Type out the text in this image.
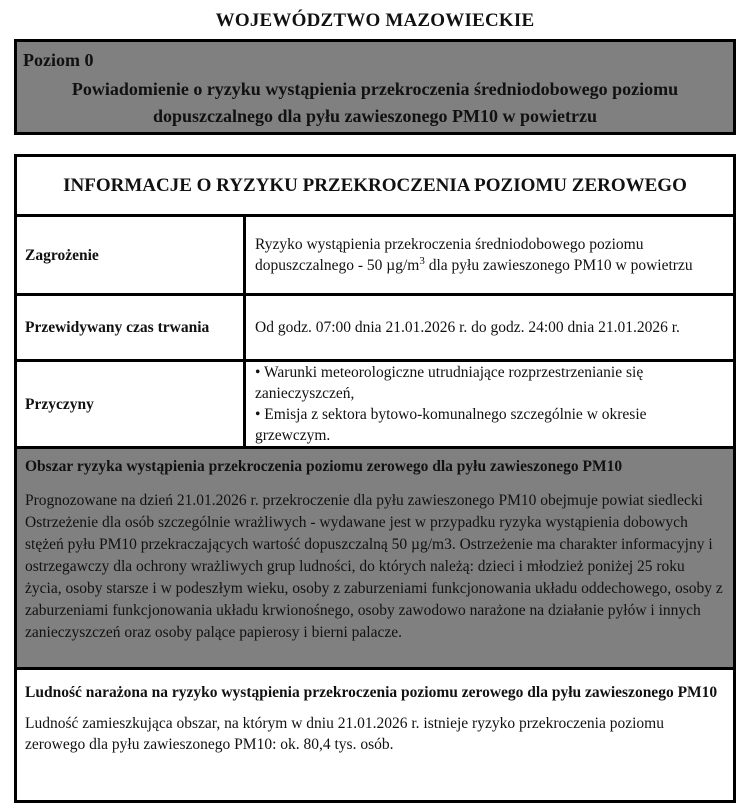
WOJEWÓDZTWO MAZOWIECKIE
Poziom 0
Powiadomienie o ryzyku wystąpienia przekroczenia średniodobowego poziomu dopuszczalnego dla pyłu zawieszonego PM10 w powietrzu
INFORMACJE O RYZYKU PRZEKROCZENIA POZIOMU ZEROWEGO
Zagrożenie
Ryzyko wystąpienia przekroczenia średniodobowego poziomu dopuszczalnego - 50 $\mu g/m^3$ dla pyłu zawieszonego PM10 w powietrzu
Przewidywany czas trwania	Od godz. 07:00 dnia 21.01.2026 r. do godz. 24:00 dnia 21.01.2026 r.
Przyczyny
• Warunki meteorologiczne utrudniające rozprzestrzenianie się zanieczyszczeń,
• Emisja z sektora bytowo-komunalnego szczególnie w okresie grzewczym.
Obszar ryzyka wystąpienia przekroczenia poziomu zerowego dla pyłu zawieszonego PM10
Prognozowane na dzień 21.01.2026 r. przekroczenie dla pyłu zawieszonego PM10 obejmuje powiat siedlecki Ostrzeżenie dla osób szczególnie wrażliwych - wydawane jest w przypadku ryzyka wystąpienia dobowych stężeń pyłu PM10 przekraczających wartość dopuszczalną 50 µg/m3. Ostrzeżenie ma charakter informacyjny i ostrzegawczy dla ochrony wrażliwych grup ludności, do których należą: dzieci i młodzież poniżej 25 roku życia, osoby starsze i w podeszłym wieku, osoby z zaburzeniami funkcjonowania układu oddechowego, osoby z zaburzeniami funkcjonowania układu krwionośnego, osoby zawodowo narażone na działanie pyłów i innych zanieczyszczeń oraz osoby palące papierosy i bierni palacze.
Ludność narażona na ryzyko wystąpienia przekroczenia poziomu zerowego dla pyłu zawieszonego PM10
Ludność zamieszkująca obszar, na którym w dniu 21.01.2026 r. istnieje ryzyko przekroczenia poziomu zerowego dla pyłu zawieszonego PM10: ok. 80,4 tys. osób.
